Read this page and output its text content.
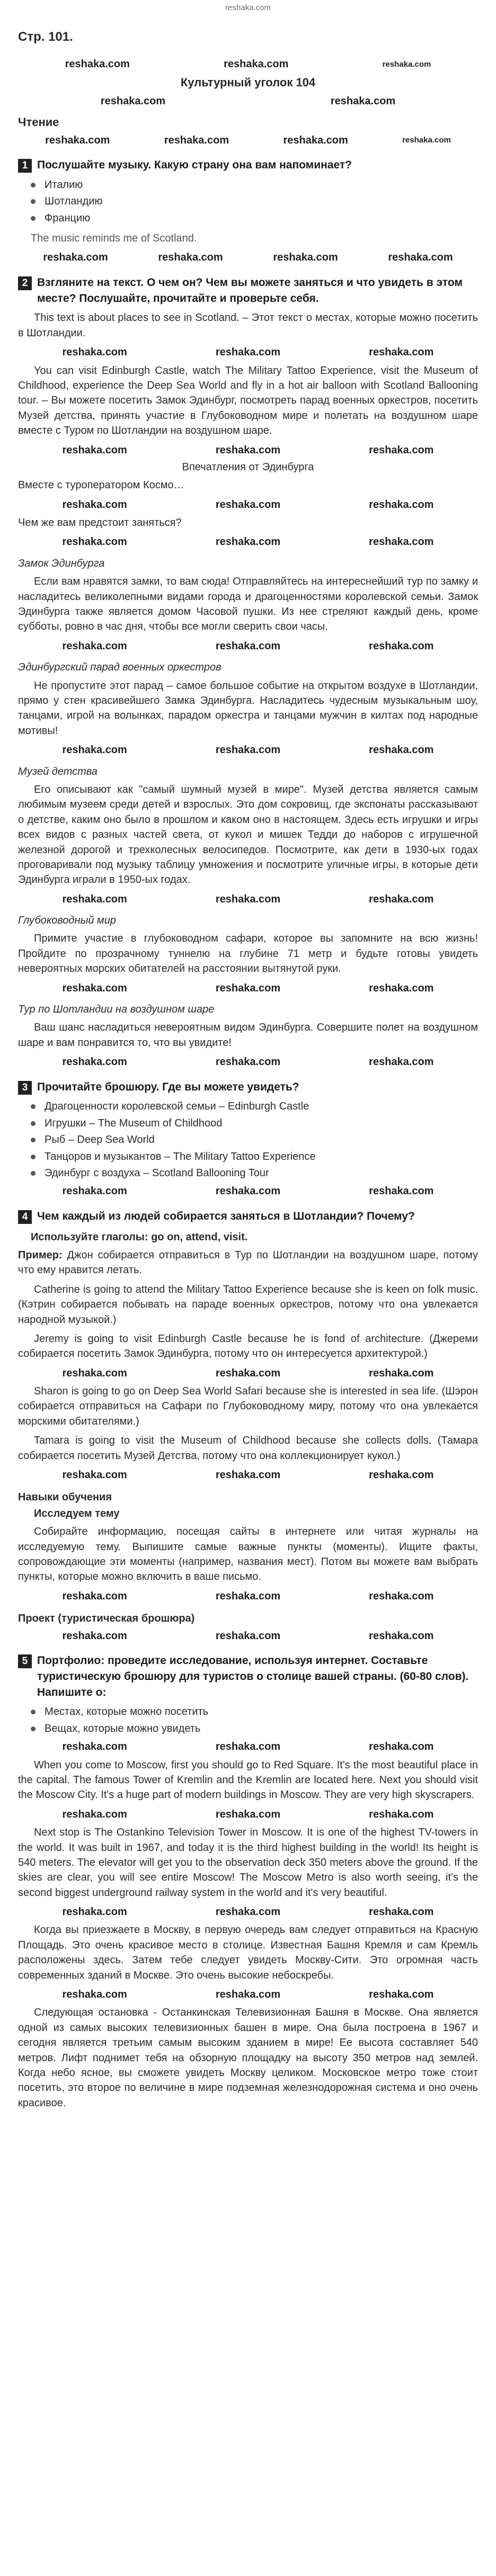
reshaka.com
Стр. 101.
reshaka.com	reshaka.com	reshaka.com
Культурный уголок 104
reshaka.com	reshaka.com
Чтение
reshaka.com	reshaka.com	reshaka.com	reshaka.com
1 Послушайте музыку. Какую страну она вам напоминает?
Италию
Шотландию
Францию
The music reminds me of Scotland.
reshaka.com	reshaka.com	reshaka.com	reshaka.com
2 Взгляните на текст. О чем он? Чем вы можете заняться и что увидеть в этом месте? Послушайте, прочитайте и проверьте себя.

This text is about places to see in Scotland. – Этот текст о местах, которые можно посетить в Шотландии.

reshaka.com	reshaka.com	reshaka.com

You can visit Edinburgh Castle, watch The Military Tattoo Experience, visit the Museum of Childhood, experience the Deep Sea World and fly in a hot air balloon with Scotland Ballooning tour. – Вы можете посетить Замок Эдинбург, посмотреть парад военных оркестров, посетить Музей детства, принять участие в Глубоководном мире и полетать на воздушном шаре вместе с Туром по Шотландии на воздушном шаре.

reshaka.com	reshaka.com	reshaka.com
Впечатления от Эдинбурга

Вместе с туроператором Космо…

reshaka.com	reshaka.com	reshaka.com

Чем же вам предстоит заняться?

reshaka.com	reshaka.com	reshaka.com
Замок Эдинбурга

Если вам нравятся замки, то вам сюда! Отправляйтесь на интереснейший тур по замку и насладитесь великолепными видами города и драгоценностями королевской семьи. Замок Эдинбурга также является домом Часовой пушки. Из нее стреляют каждый день, кроме субботы, ровно в час дня, чтобы все могли сверить свои часы.

reshaka.com	reshaka.com	reshaka.com
Эдинбургский парад военных оркестров

Не пропустите этот парад – самое большое событие на открытом воздухе в Шотландии, прямо у стен красивейшего Замка Эдинбурга. Насладитесь чудесным музыкальным шоу, танцами, игрой на волынках, парадом оркестра и танцами мужчин в килтах под народные мотивы!

reshaka.com	reshaka.com	reshaka.com
Музей детства

Его описывают как "самый шумный музей в мире". Музей детства является самым любимым музеем среди детей и взрослых. Это дом сокровищ, где экспонаты рассказывают о детстве, каким оно было в прошлом и каком оно в настоящем. Здесь есть игрушки и игры всех видов с разных частей света, от кукол и мишек Тедди до наборов с игрушечной железной дорогой и трехколесных велосипедов. Посмотрите, как дети в 1930-ых годах проговаривали под музыку таблицу умножения и посмотрите уличные игры, в которые дети Эдинбурга играли в 1950-ых годах.

reshaka.com	reshaka.com	reshaka.com
Глубоководный мир

Примите участие в глубоководном сафари, которое вы запомните на всю жизнь! Пройдите по прозрачному туннелю на глубине 71 метр и будьте готовы увидеть невероятных морских обитателей на расстоянии вытянутой руки.

reshaka.com	reshaka.com	reshaka.com
Тур по Шотландии на воздушном шаре

Ваш шанс насладиться невероятным видом Эдинбурга. Совершите полет на воздушном шаре и вам понравится то, что вы увидите!

reshaka.com	reshaka.com	reshaka.com
3 Прочитайте брошюру. Где вы можете увидеть?
Драгоценности королевской семьи – Edinburgh Castle
Игрушки – The Museum of Childhood
Рыб – Deep Sea World
Танцоров и музыкантов – The Military Tattoo Experience
Эдинбург с воздуха – Scotland Ballooning Tour
reshaka.com	reshaka.com	reshaka.com
4 Чем каждый из людей собирается заняться в Шотландии? Почему?
Используйте глаголы: go on, attend, visit.

Пример: Джон собирается отправиться в Тур по Шотландии на воздушном шаре, потому что ему нравится летать.

Catherine is going to attend the Military Tattoo Experience because she is keen on folk music. (Кэтрин собирается побывать на параде военных оркестров, потому что она увлекается народной музыкой.)

Jeremy is going to visit Edinburgh Castle because he is fond of architecture. (Джереми собирается посетить Замок Эдинбурга, потому что он интересуется архитектурой.)

reshaka.com	reshaka.com	reshaka.com

Sharon is going to go on Deep Sea World Safari because she is interested in sea life. (Шэрон собирается отправиться на Сафари по Глубоководному миру, потому что она увлекается морскими обитателями.)

Tamara is going to visit the Museum of Childhood because she collects dolls. (Тамара собирается посетить Музей Детства, потому что она коллекционирует кукол.)

reshaka.com	reshaka.com	reshaka.com
Навыки обучения
Исследуем тему

Собирайте информацию, посещая сайты в интернете или читая журналы на исследуемую тему. Выпишите самые важные пункты (моменты). Ищите факты, сопровождающие эти моменты (например, названия мест). Потом вы можете вам выбрать пункты, которые можно включить в ваше письмо.

reshaka.com	reshaka.com	reshaka.com
Проект (туристическая брошюра)
reshaka.com	reshaka.com	reshaka.com
5 Портфолио: проведите исследование, используя интернет. Составьте туристическую брошюру для туристов о столице вашей страны. (60-80 слов). Напишите о:
Местах, которые можно посетить
Вещах, которые можно увидеть
reshaka.com	reshaka.com	reshaka.com

When you come to Moscow, first you should go to Red Square. It's the most beautiful place in the capital. The famous Tower of Kremlin and the Kremlin are located here. Next you should visit the Moscow City. It's a huge part of modern buildings in Moscow. They are very high skyscrapers.

reshaka.com	reshaka.com	reshaka.com

Next stop is The Ostankino Television Tower in Moscow. It is one of the highest TV-towers in the world. It was built in 1967, and today it is the third highest building in the world! Its height is 540 meters. The elevator will get you to the observation deck 350 meters above the ground. If the skies are clear, you will see entire Moscow! The Moscow Metro is also worth seeing, it's the second biggest underground railway system in the world and it's very beautiful.

reshaka.com	reshaka.com	reshaka.com

Когда вы приезжаете в Москву, в первую очередь вам следует отправиться на Красную Площадь. Это очень красивое место в столице. Известная Башня Кремля и сам Кремль расположены здесь. Затем тебе следует увидеть Москву-Сити. Это огромная часть современных зданий в Москве. Это очень высокие небоскребы.

reshaka.com	reshaka.com	reshaka.com

Следующая остановка - Останкинская Телевизионная Башня в Москве. Она является одной из самых высоких телевизионных башен в мире. Она была построена в 1967 и сегодня является третьим самым высоким зданием в мире! Ее высота составляет 540 метров. Лифт поднимет тебя на обзорную площадку на высоту 350 метров над землей. Когда небо ясное, вы сможете увидеть Москву целиком. Московское метро тоже стоит посетить, это второе по величине в мире подземная железнодорожная система и оно очень красивое.
